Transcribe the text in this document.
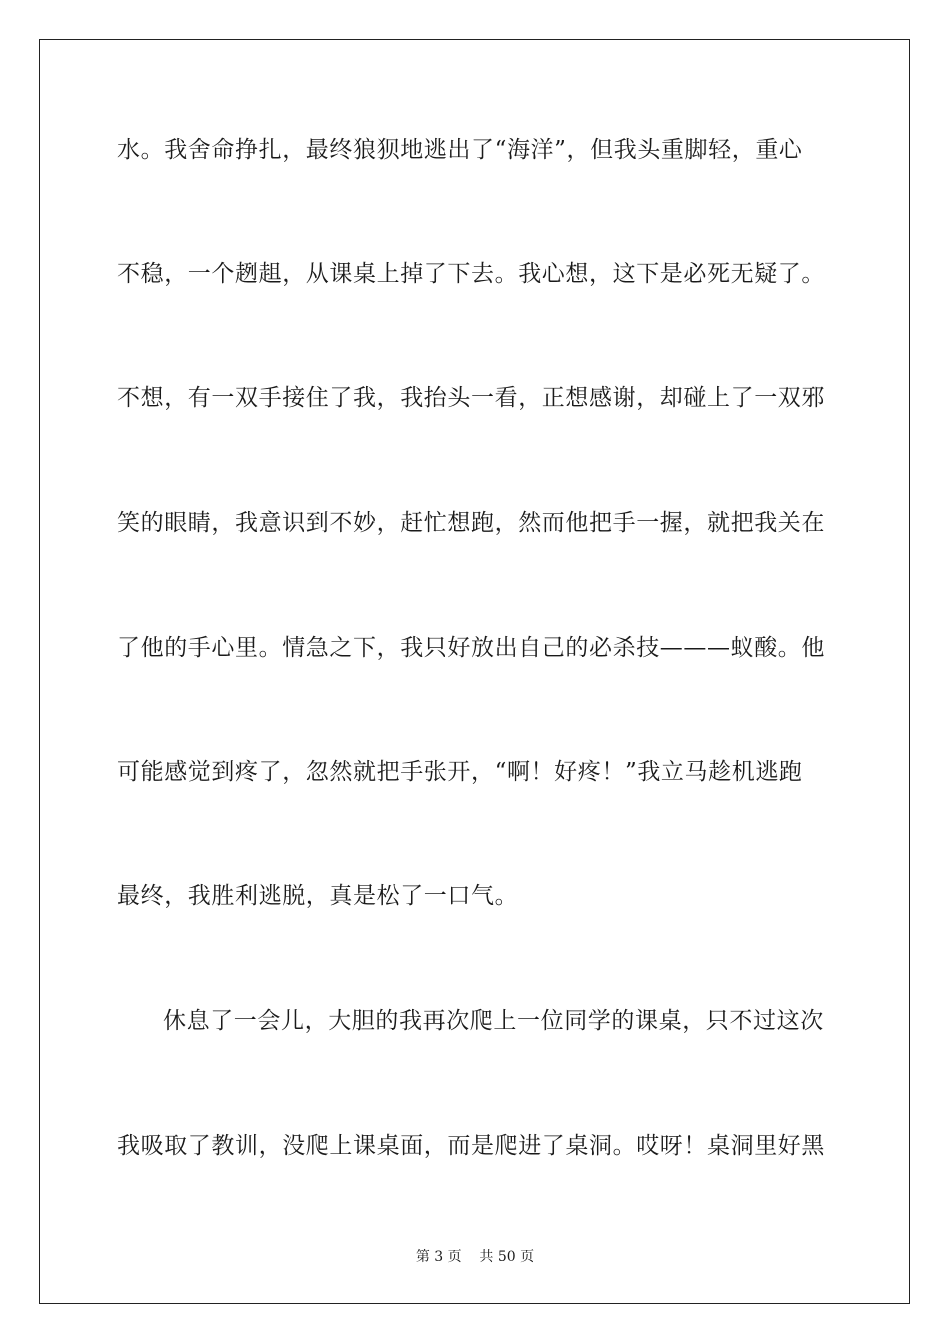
水。我舍命挣扎，最终狼狈地逃出了“海洋”，但我头重脚轻，重心
不稳，一个趔趄，从课桌上掉了下去。我心想，这下是必死无疑了。
不想，有一双手接住了我，我抬头一看，正想感谢，却碰上了一双邪
笑的眼睛，我意识到不妙，赶忙想跑，然而他把手一握，就把我关在
了他的手心里。情急之下，我只好放出自己的必杀技———蚁酸。他
可能感觉到疼了，忽然就把手张开，“啊！好疼！”我立马趁机逃跑
最终，我胜利逃脱，真是松了一口气。
休息了一会儿，大胆的我再次爬上一位同学的课桌，只不过这次
我吸取了教训，没爬上课桌面，而是爬进了桌洞。哎呀！桌洞里好黑
第 3 页    共 50 页
